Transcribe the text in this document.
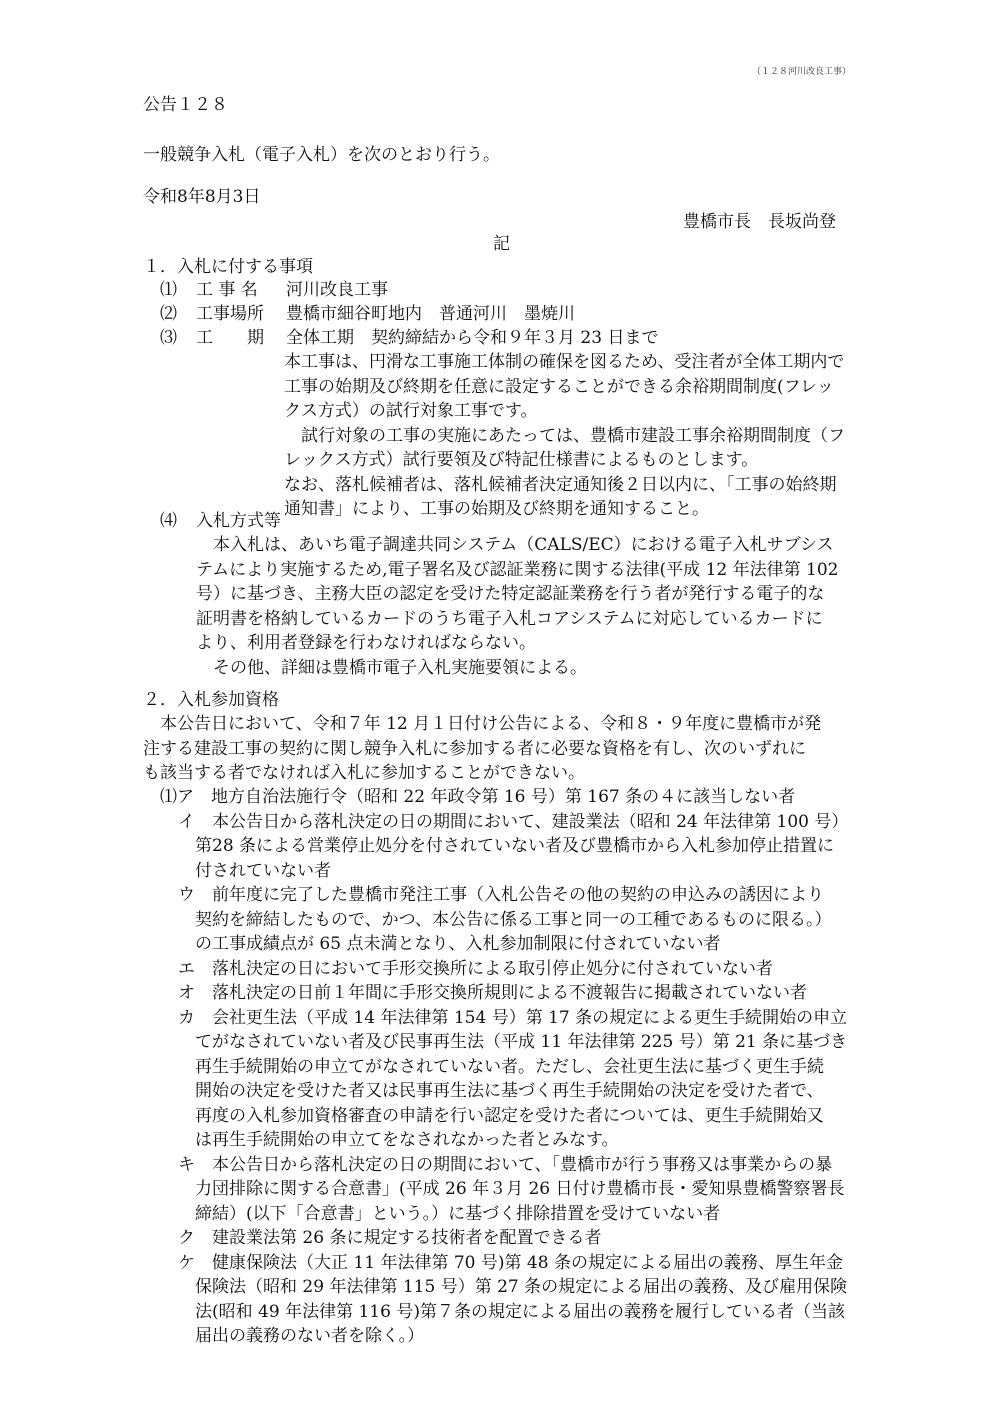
（１２８河川改良工事）
公告１２８
一般競争入札（電子入札）を次のとおり行う。
令和8年8月3日
豊橋市長　長坂尚登
記
１．入札に付する事項
⑴ 工 事 名 河川改良工事
⑵ 工事場所 豊橋市細谷町地内　普通河川　墨焼川
⑶ 工　　期 全体工期　契約締結から令和９年３月 23 日まで
本工事は、円滑な工事施工体制の確保を図るため、受注者が全体工期内で
工事の始期及び終期を任意に設定することができる余裕期間制度(フレッ
クス方式）の試行対象工事です。
　試行対象の工事の実施にあたっては、豊橋市建設工事余裕期間制度（フ
レックス方式）試行要領及び特記仕様書によるものとします。
なお、落札候補者は、落札候補者決定通知後２日以内に、「工事の始終期
通知書」により、工事の始期及び終期を通知すること。
⑷ 入札方式等
　本入札は、あいち電子調達共同システム（CALS/EC）における電子入札サブシス
テムにより実施するため,電子署名及び認証業務に関する法律(平成 12 年法律第 102
号）に基づき、主務大臣の認定を受けた特定認証業務を行う者が発行する電子的な
証明書を格納しているカードのうち電子入札コアシステムに対応しているカードに
より、利用者登録を行わなければならない。
　その他、詳細は豊橋市電子入札実施要領による。
２．入札参加資格
　本公告日において、令和７年 12 月１日付け公告による、令和８・９年度に豊橋市が発
注する建設工事の契約に関し競争入札に参加する者に必要な資格を有し、次のいずれに
も該当する者でなければ入札に参加することができない。
⑴ア　地方自治法施行令（昭和 22 年政令第 16 号）第 167 条の４に該当しない者
イ　本公告日から落札決定の日の期間において、建設業法（昭和 24 年法律第 100 号）
　第28 条による営業停止処分を付されていない者及び豊橋市から入札参加停止措置に
　付されていない者
ウ　前年度に完了した豊橋市発注工事（入札公告その他の契約の申込みの誘因により
　契約を締結したもので、かつ、本公告に係る工事と同一の工種であるものに限る。）
　の工事成績点が 65 点未満となり、入札参加制限に付されていない者
エ　落札決定の日において手形交換所による取引停止処分に付されていない者
オ　落札決定の日前１年間に手形交換所規則による不渡報告に掲載されていない者
カ　会社更生法（平成 14 年法律第 154 号）第 17 条の規定による更生手続開始の申立
　てがなされていない者及び民事再生法（平成 11 年法律第 225 号）第 21 条に基づき
　再生手続開始の申立てがなされていない者。ただし、会社更生法に基づく更生手続
　開始の決定を受けた者又は民事再生法に基づく再生手続開始の決定を受けた者で、
　再度の入札参加資格審査の申請を行い認定を受けた者については、更生手続開始又
　は再生手続開始の申立てをなされなかった者とみなす。
キ　本公告日から落札決定の日の期間において、「豊橋市が行う事務又は事業からの暴
　力団排除に関する合意書」(平成 26 年３月 26 日付け豊橋市長・愛知県豊橋警察署長
　締結）(以下「合意書」という。）に基づく排除措置を受けていない者
ク　建設業法第 26 条に規定する技術者を配置できる者
ケ　健康保険法（大正 11 年法律第 70 号)第 48 条の規定による届出の義務、厚生年金
　保険法（昭和 29 年法律第 115 号）第 27 条の規定による届出の義務、及び雇用保険
　法(昭和 49 年法律第 116 号)第７条の規定による届出の義務を履行している者（当該
　届出の義務のない者を除く。）
